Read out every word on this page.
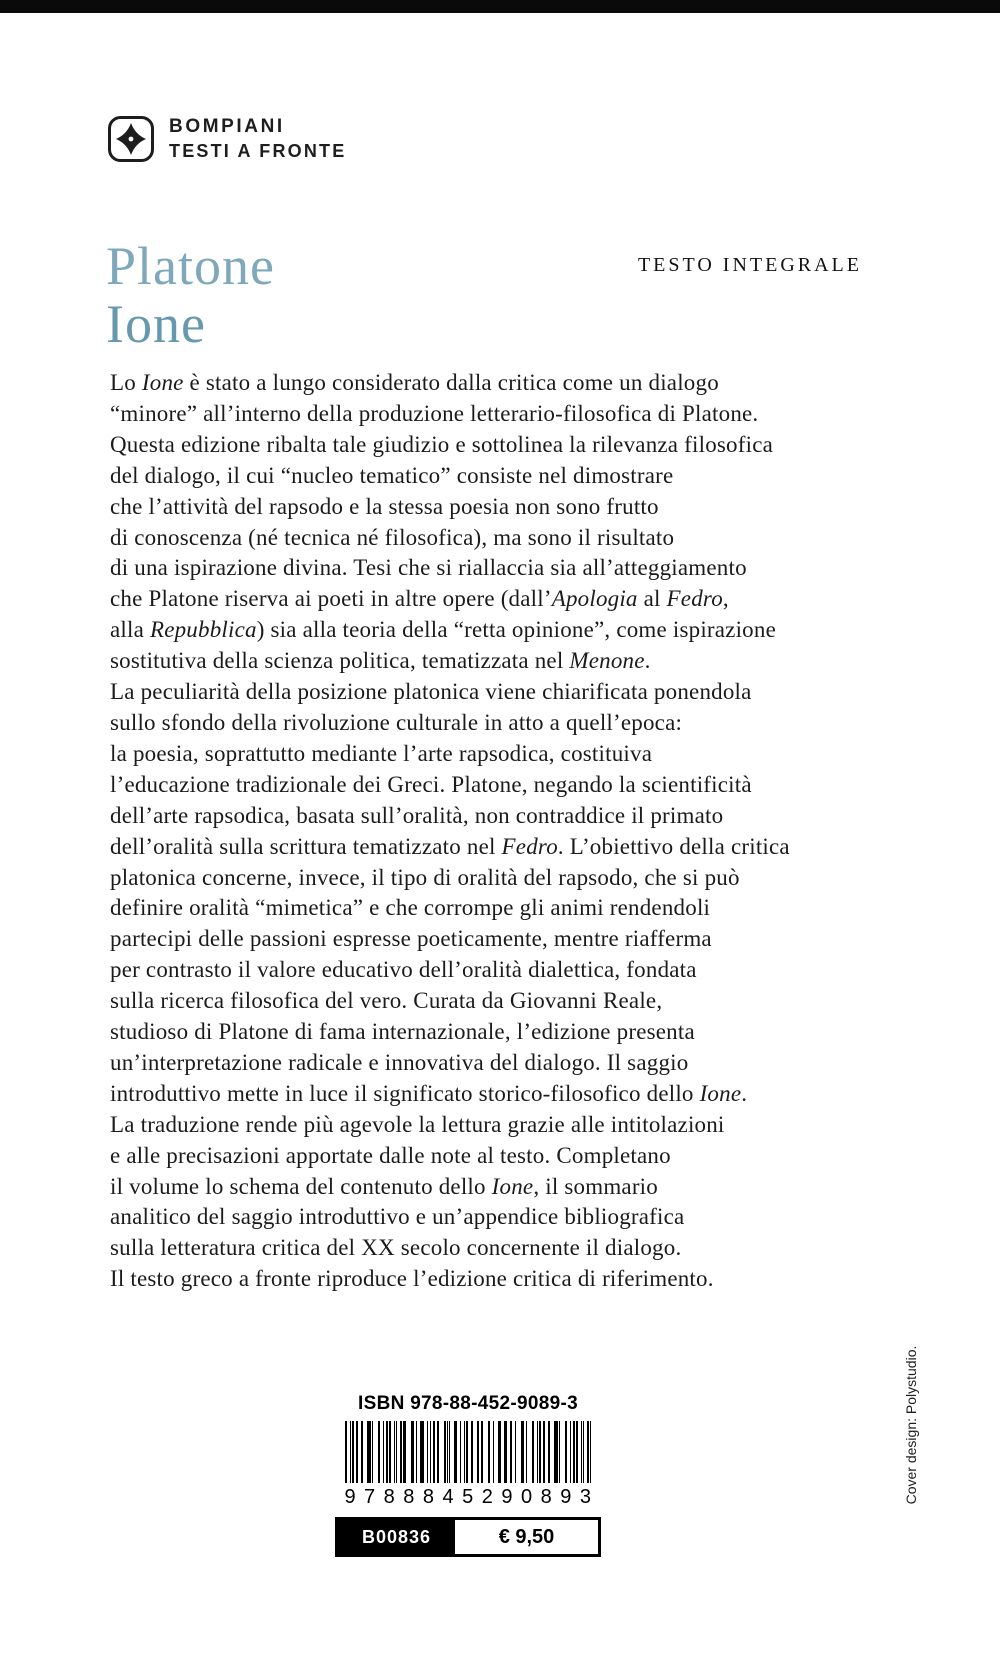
BOMPIANI
TESTI A FRONTE
Platone
Ione
TESTO INTEGRALE
Lo Ione è stato a lungo considerato dalla critica come un dialogo
“minore” all’interno della produzione letterario-filosofica di Platone.
Questa edizione ribalta tale giudizio e sottolinea la rilevanza filosofica
del dialogo, il cui “nucleo tematico” consiste nel dimostrare
che l’attività del rapsodo e la stessa poesia non sono frutto
di conoscenza (né tecnica né filosofica), ma sono il risultato
di una ispirazione divina. Tesi che si riallaccia sia all’atteggiamento
che Platone riserva ai poeti in altre opere (dall’Apologia al Fedro,
alla Repubblica) sia alla teoria della “retta opinione”, come ispirazione
sostitutiva della scienza politica, tematizzata nel Menone.
La peculiarità della posizione platonica viene chiarificata ponendola
sullo sfondo della rivoluzione culturale in atto a quell’epoca:
la poesia, soprattutto mediante l’arte rapsodica, costituiva
l’educazione tradizionale dei Greci. Platone, negando la scientificità
dell’arte rapsodica, basata sull’oralità, non contraddice il primato
dell’oralità sulla scrittura tematizzato nel Fedro. L’obiettivo della critica
platonica concerne, invece, il tipo di oralità del rapsodo, che si può
definire oralità “mimetica” e che corrompe gli animi rendendoli
partecipi delle passioni espresse poeticamente, mentre riafferma
per contrasto il valore educativo dell’oralità dialettica, fondata
sulla ricerca filosofica del vero. Curata da Giovanni Reale,
studioso di Platone di fama internazionale, l’edizione presenta
un’interpretazione radicale e innovativa del dialogo. Il saggio
introduttivo mette in luce il significato storico-filosofico dello Ione.
La traduzione rende più agevole la lettura grazie alle intitolazioni
e alle precisazioni apportate dalle note al testo. Completano
il volume lo schema del contenuto dello Ione, il sommario
analitico del saggio introduttivo e un’appendice bibliografica
sulla letteratura critica del XX secolo concernente il dialogo.
Il testo greco a fronte riproduce l’edizione critica di riferimento.
ISBN 978-88-452-9089-3
9788845290893
B00836	€ 9,50
Cover design: Polystudio.
